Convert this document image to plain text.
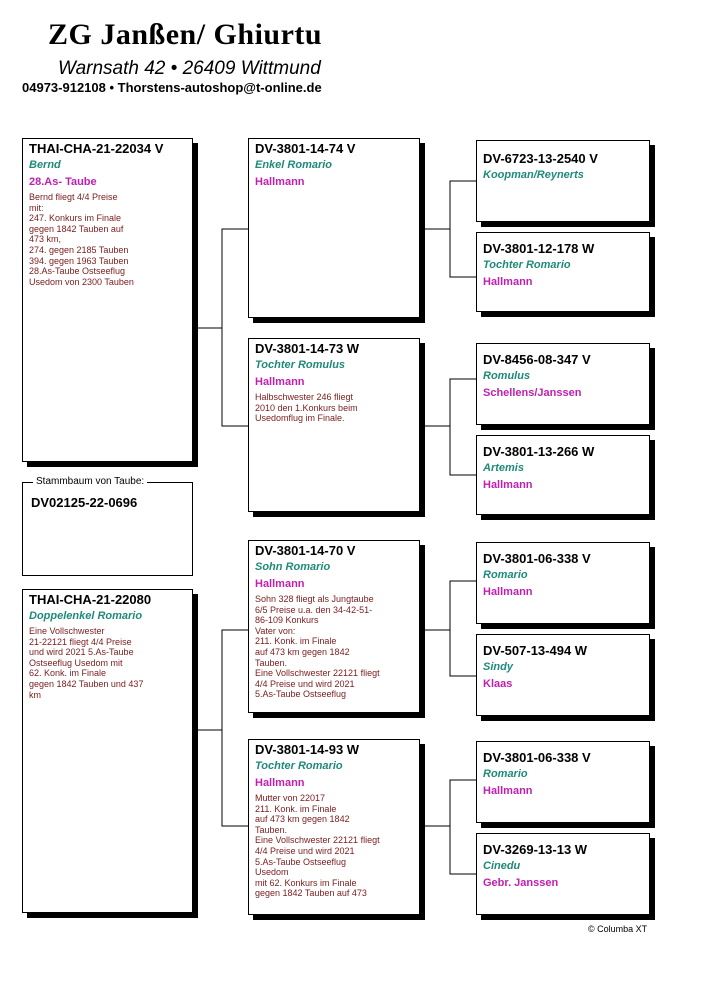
ZG Janßen/ Ghiurtu
Warnsath 42 • 26409 Wittmund
04973-912108 • Thorstens-autoshop@t-online.de
THAI-CHA-21-22034 V
Bernd
28.As- Taube
Bernd fliegt 4/4 Preise
mit:
247. Konkurs im Finale
gegen 1842 Tauben auf
473 km,
274. gegen 2185 Tauben
394. gegen 1963 Tauben
28.As-Taube Ostseeflug
Usedom von 2300 Tauben
Stammbaum von Taube:
DV02125-22-0696
THAI-CHA-21-22080
Doppelenkel Romario
Eine Vollschwester
21-22121 fliegt 4/4 Preise
und wird 2021 5.As-Taube
Ostseeflug Usedom mit
62. Konk. im Finale
gegen 1842 Tauben und 437
km
DV-3801-14-74 V
Enkel Romario
Hallmann
DV-3801-14-73 W
Tochter Romulus
Hallmann
Halbschwester 246 fliegt
2010 den 1.Konkurs beim
Usedomflug im Finale.
DV-3801-14-70 V
Sohn Romario
Hallmann
Sohn 328 fliegt als Jungtaube
6/5 Preise u.a. den 34-42-51-
86-109 Konkurs
Vater von:
211. Konk. im Finale
auf 473 km gegen 1842
Tauben.
Eine Vollschwester 22121 fliegt
4/4 Preise und wird 2021
5.As-Taube Ostseeflug
DV-3801-14-93 W
Tochter Romario
Hallmann
Mutter von 22017
211. Konk. im Finale
auf 473 km gegen 1842
Tauben.
Eine Vollschwester 22121 fliegt
4/4 Preise und wird 2021
5.As-Taube Ostseeflug
Usedom
mit 62. Konkurs im Finale
gegen 1842 Tauben auf 473
DV-6723-13-2540 V
Koopman/Reynerts
DV-3801-12-178 W
Tochter Romario
Hallmann
DV-8456-08-347 V
Romulus
Schellens/Janssen
DV-3801-13-266 W
Artemis
Hallmann
DV-3801-06-338 V
Romario
Hallmann
DV-507-13-494 W
Sindy
Klaas
DV-3801-06-338 V
Romario
Hallmann
DV-3269-13-13 W
Cinedu
Gebr. Janssen
© Columba XT
